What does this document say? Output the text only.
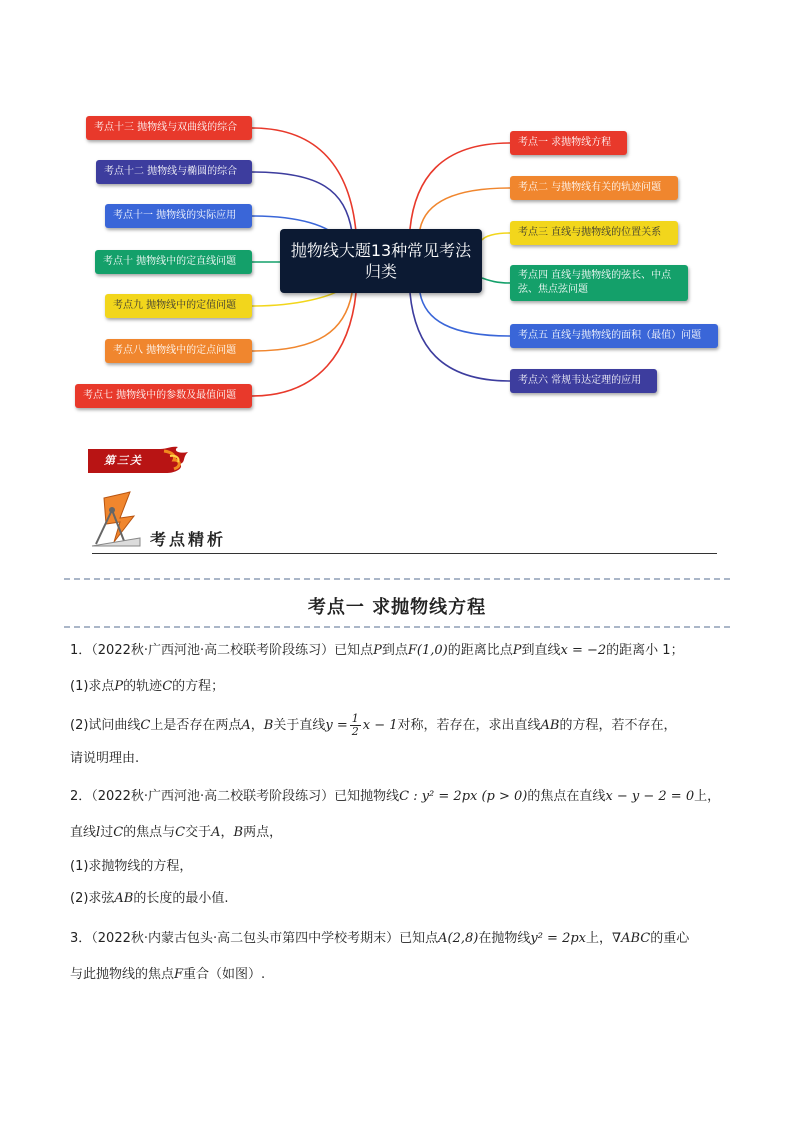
抛物线大题13种常见考法归类
考点十三 抛物线与双曲线的综合
考点十二 抛物线与椭圆的综合
考点十一 抛物线的实际应用
考点十 抛物线中的定直线问题
考点九 抛物线中的定值问题
考点八 抛物线中的定点问题
考点七 抛物线中的参数及最值问题
考点一 求抛物线方程
考点二 与抛物线有关的轨迹问题
考点三 直线与抛物线的位置关系
考点四 直线与抛物线的弦长、中点弦、焦点弦问题
考点五 直线与抛物线的面积（最值）问题
考点六 常规韦达定理的应用
第三关
考点精析
考点一 求抛物线方程
1．（2022秋·广西河池·高二校联考阶段练习）已知点P到点F(1,0)的距离比点P到直线x = −2的距离小 1；
(1)求点P的轨迹C的方程；
(2)试问曲线C上是否存在两点A，B关于直线$y = \frac{1}{2}$ x − 1对称，若存在，求出直线AB的方程，若不存在，
请说明理由.
2．（2022秋·广西河池·高二校联考阶段练习）已知抛物线C : y² = 2px (p > 0)的焦点在直线x − y − 2 = 0上，
直线l过C的焦点与C交于A，B两点，
(1)求抛物线的方程，
(2)求弦AB的长度的最小值.
3．（2022秋·内蒙古包头·高二包头市第四中学校考期末）已知点A(2,8)在抛物线y² = 2px上，∇ABC的重心
与此抛物线的焦点F重合（如图）.
